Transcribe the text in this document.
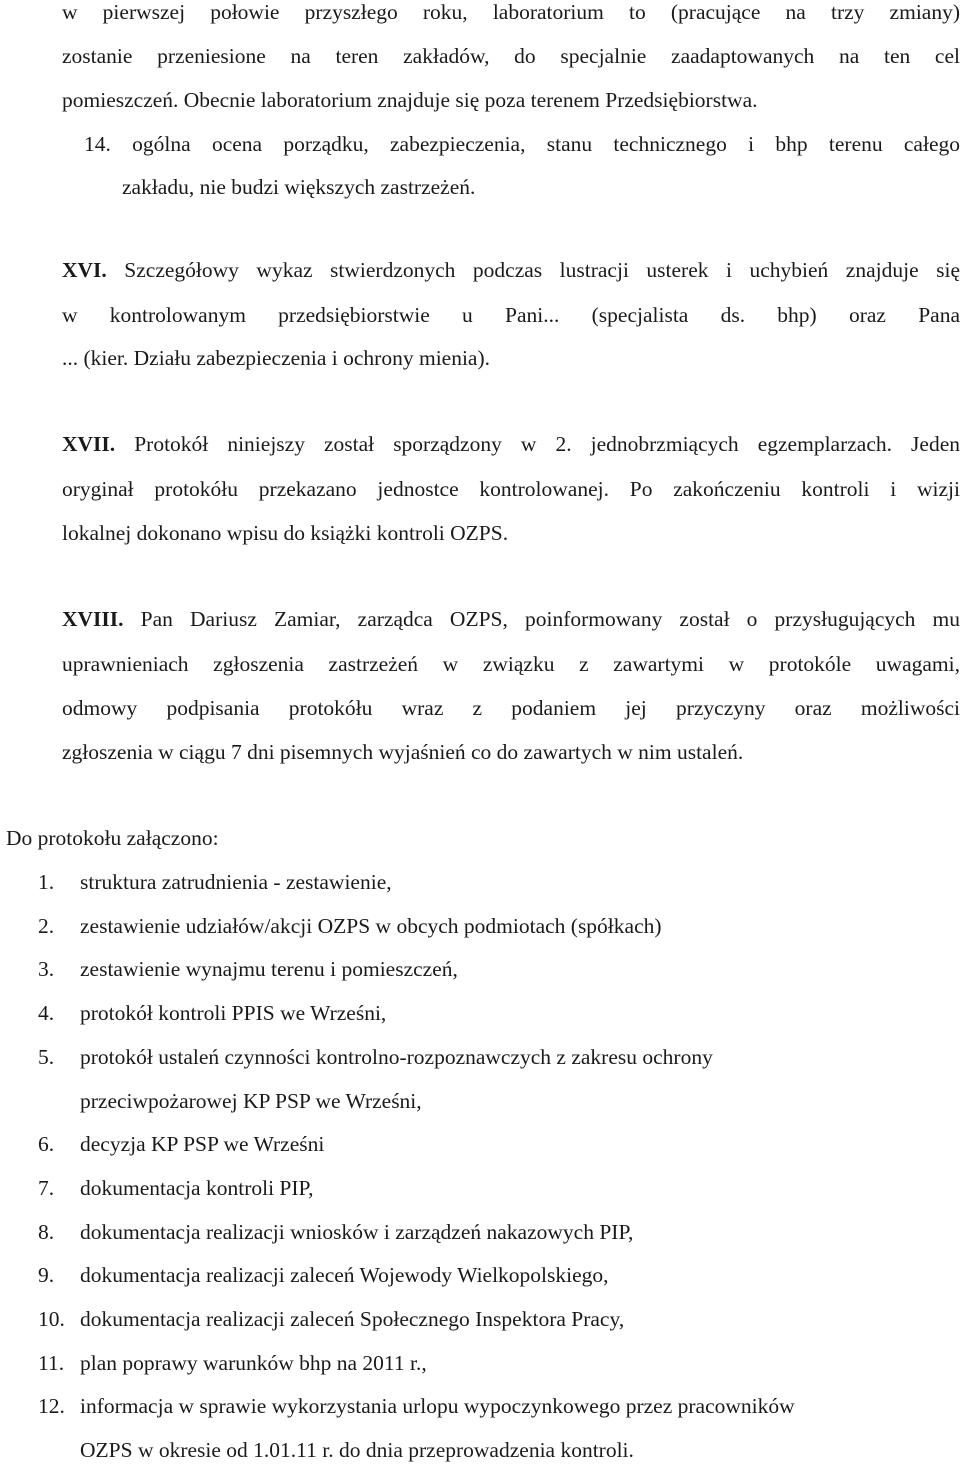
w pierwszej połowie przyszłego roku, laboratorium to (pracujące na trzy zmiany)
zostanie przeniesione na teren zakładów, do specjalnie zaadaptowanych na ten cel
pomieszczeń. Obecnie laboratorium znajduje się poza terenem Przedsiębiorstwa.
14. ogólna ocena porządku, zabezpieczenia, stanu technicznego i bhp terenu całego
zakładu, nie budzi większych zastrzeżeń.
XVI. Szczegółowy wykaz stwierdzonych podczas lustracji usterek i uchybień znajduje się
w kontrolowanym przedsiębiorstwie u Pani... (specjalista ds. bhp) oraz Pana
... (kier. Działu zabezpieczenia i ochrony mienia).
XVII. Protokół niniejszy został sporządzony w 2. jednobrzmiących egzemplarzach. Jeden
oryginał protokółu przekazano jednostce kontrolowanej. Po zakończeniu kontroli i wizji
lokalnej dokonano wpisu do książki kontroli OZPS.
XVIII. Pan Dariusz Zamiar, zarządca OZPS, poinformowany został o przysługujących mu
uprawnieniach zgłoszenia zastrzeżeń w związku z zawartymi w protokóle uwagami,
odmowy podpisania protokółu wraz z podaniem jej przyczyny oraz możliwości
zgłoszenia w ciągu 7 dni pisemnych wyjaśnień co do zawartych w nim ustaleń.
Do protokołu załączono:
1. struktura zatrudnienia - zestawienie,
2. zestawienie udziałów/akcji OZPS w obcych podmiotach (spółkach)
3. zestawienie wynajmu terenu i pomieszczeń,
4. protokół kontroli PPIS we Wrześni,
5. protokół ustaleń czynności kontrolno-rozpoznawczych z zakresu ochrony
przeciwpożarowej KP PSP we Wrześni,
6. decyzja KP PSP we Wrześni
7. dokumentacja kontroli PIP,
8. dokumentacja realizacji wniosków i zarządzeń nakazowych PIP,
9. dokumentacja realizacji zaleceń Wojewody Wielkopolskiego,
10. dokumentacja realizacji zaleceń Społecznego Inspektora Pracy,
11. plan poprawy warunków bhp na 2011 r.,
12. informacja w sprawie wykorzystania urlopu wypoczynkowego przez pracowników
OZPS w okresie od 1.01.11 r. do dnia przeprowadzenia kontroli.
